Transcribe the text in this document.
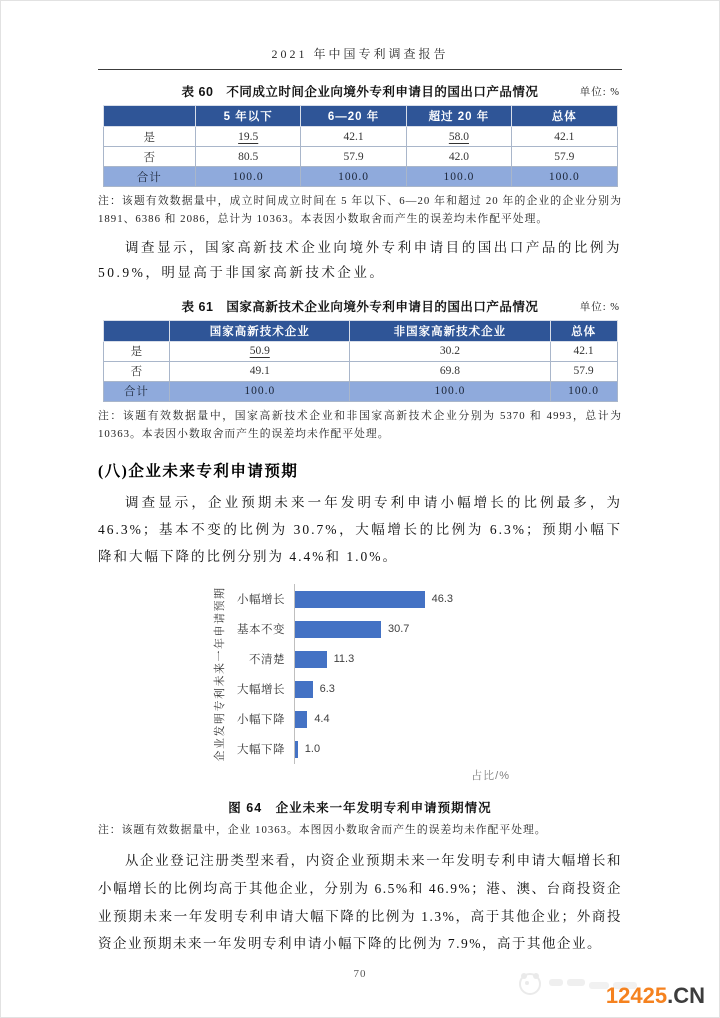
2021 年中国专利调查报告
表 60　不同成立时间企业向境外专利申请目的国出口产品情况	单位: %
	5 年以下	6—20 年	超过 20 年	总体
是	19.5	42.1	58.0	42.1
否	80.5	57.9	42.0	57.9
合计	100.0	100.0	100.0	100.0
注：该题有效数据量中，成立时间成立时间在 5 年以下、6—20 年和超过 20 年的企业的企业分别为 1891、6386 和 2086，总计为 10363。本表因小数取舍而产生的误差均未作配平处理。

调查显示，国家高新技术企业向境外专利申请目的国出口产品的比例为 50.9%，明显高于非国家高新技术企业。

表 61　国家高新技术企业向境外专利申请目的国出口产品情况	单位: %
	国家高新技术企业	非国家高新技术企业	总体
是	50.9	30.2	42.1
否	49.1	69.8	57.9
合计	100.0	100.0	100.0
注：该题有效数据量中，国家高新技术企业和非国家高新技术企业分别为 5370 和 4993，总计为 10363。本表因小数取舍而产生的误差均未作配平处理。
(八)企业未来专利申请预期

调查显示，企业预期未来一年发明专利申请小幅增长的比例最多，为 46.3%；基本不变的比例为 30.7%，大幅增长的比例为 6.3%；预期小幅下降和大幅下降的比例分别为 4.4%和 1.0%。

企业发明专利未来一年申请预期 小幅增长	46.3
基本不变	30.7
不清楚	11.3
大幅增长	6.3
小幅下降	4.4
大幅下降	1.0
占比/%
图 64　企业未来一年发明专利申请预期情况
注：该题有效数据量中，企业 10363。本图因小数取舍而产生的误差均未作配平处理。

从企业登记注册类型来看，内资企业预期未来一年发明专利申请大幅增长和小幅增长的比例均高于其他企业，分别为 6.5%和 46.9%；港、澳、台商投资企业预期未来一年发明专利申请大幅下降的比例为 1.3%，高于其他企业；外商投资企业预期未来一年发明专利申请小幅下降的比例为 7.9%，高于其他企业。

70
12425.CN
